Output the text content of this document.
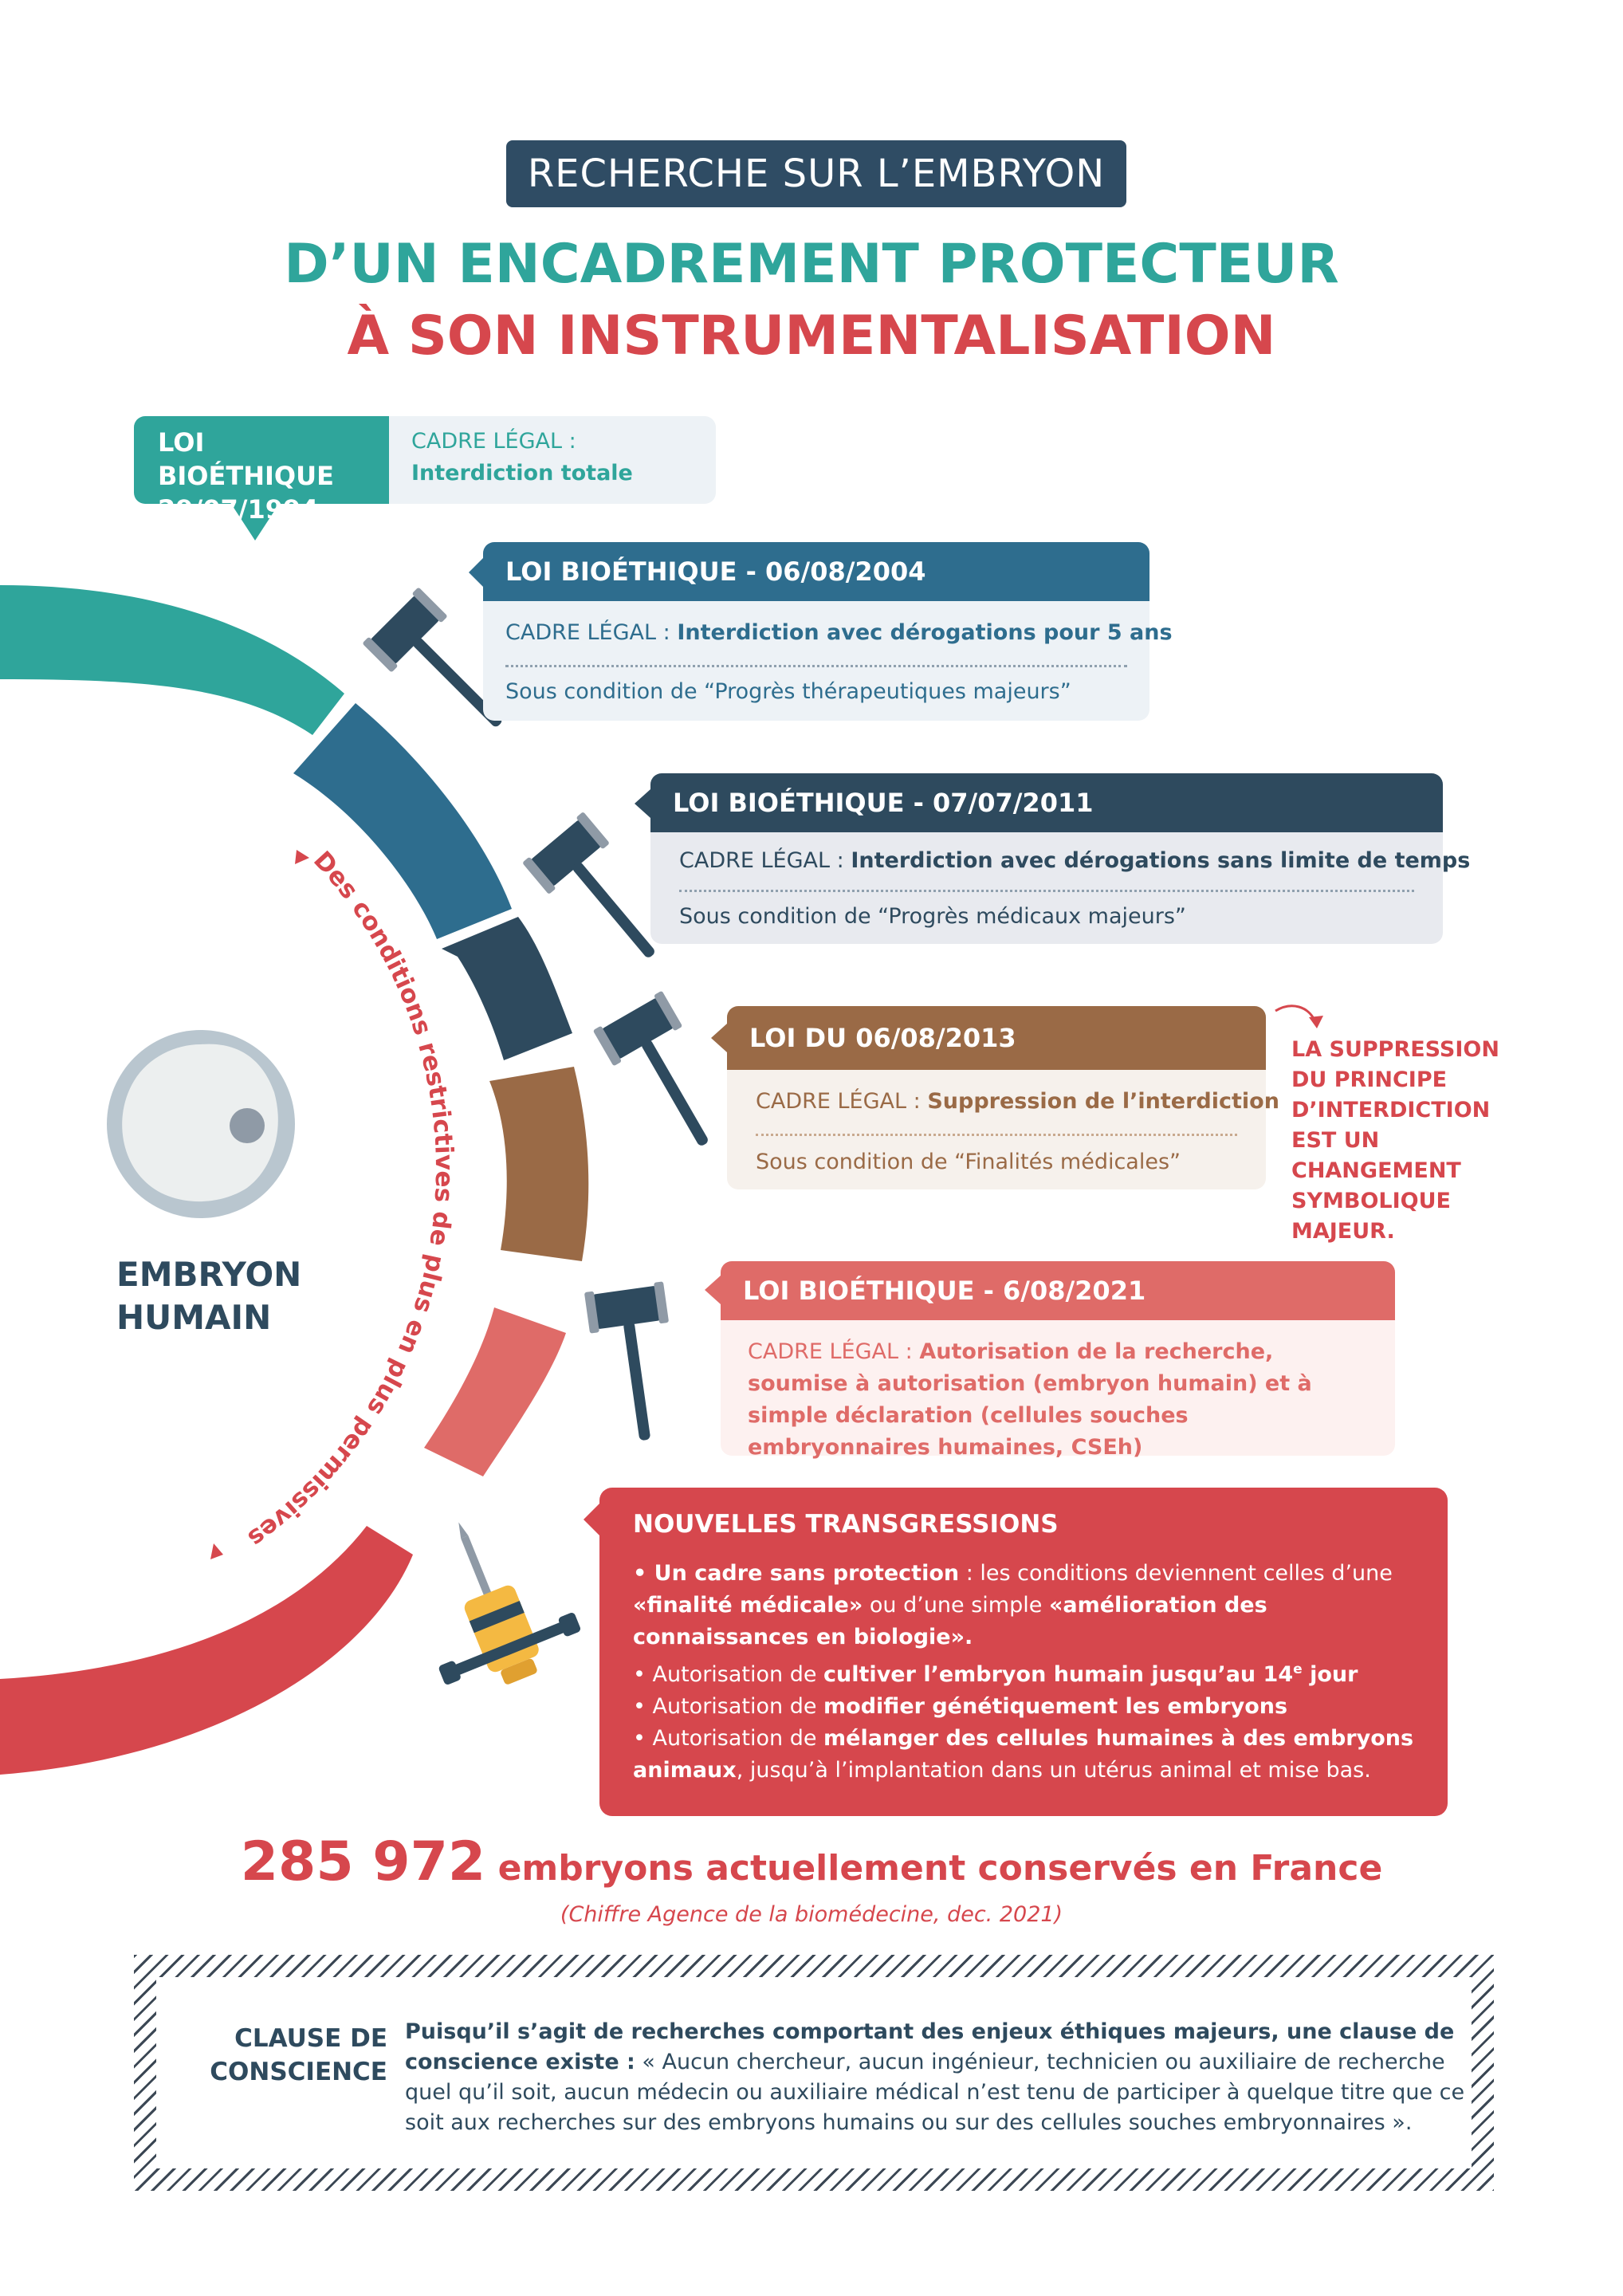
Des conditions restrictives de plus en plus permissives
RECHERCHE SUR L’EMBRYON
D’UN ENCADREMENT PROTECTEUR
À SON INSTRUMENTALISATION
LOI BIOÉTHIQUE
29/07/1994
CADRE LÉGAL :
Interdiction totale
LOI BIOÉTHIQUE - 06/08/2004
CADRE LÉGAL : Interdiction avec dérogations pour 5 ans
Sous condition de “Progrès thérapeutiques majeurs”
LOI BIOÉTHIQUE - 07/07/2011
CADRE LÉGAL : Interdiction avec dérogations sans limite de temps
Sous condition de “Progrès médicaux majeurs”
LOI DU 06/08/2013
CADRE LÉGAL : Suppression de l’interdiction
Sous condition de “Finalités médicales”
LA SUPPRESSION DU PRINCIPE D’INTERDICTION EST UN CHANGEMENT SYMBOLIQUE MAJEUR.
LOI BIOÉTHIQUE - 6/08/2021
CADRE LÉGAL : Autorisation de la recherche, soumise à autorisation (embryon humain) et à simple déclaration (cellules souches embryonnaires humaines, CSEh)
NOUVELLES TRANSGRESSIONS
• Un cadre sans protection : les conditions deviennent celles d’une «finalité médicale» ou d’une simple «amélioration des connaissances en biologie».
• Autorisation de cultiver l’embryon humain jusqu’au 14e jour
• Autorisation de modifier génétiquement les embryons
• Autorisation de mélanger des cellules humaines à des embryons animaux, jusqu’à l’implantation dans un utérus animal et mise bas.
EMBRYON
HUMAIN
285 972 embryons actuellement conservés en France
(Chiffre Agence de la biomédecine, dec. 2021)
CLAUSE DE
CONSCIENCE
Puisqu’il s’agit de recherches comportant des enjeux éthiques majeurs, une clause de conscience existe : « Aucun chercheur, aucun ingénieur, technicien ou auxiliaire de recherche quel qu’il soit, aucun médecin ou auxiliaire médical n’est tenu de participer à quelque titre que ce soit aux recherches sur des embryons humains ou sur des cellules souches embryonnaires ».
